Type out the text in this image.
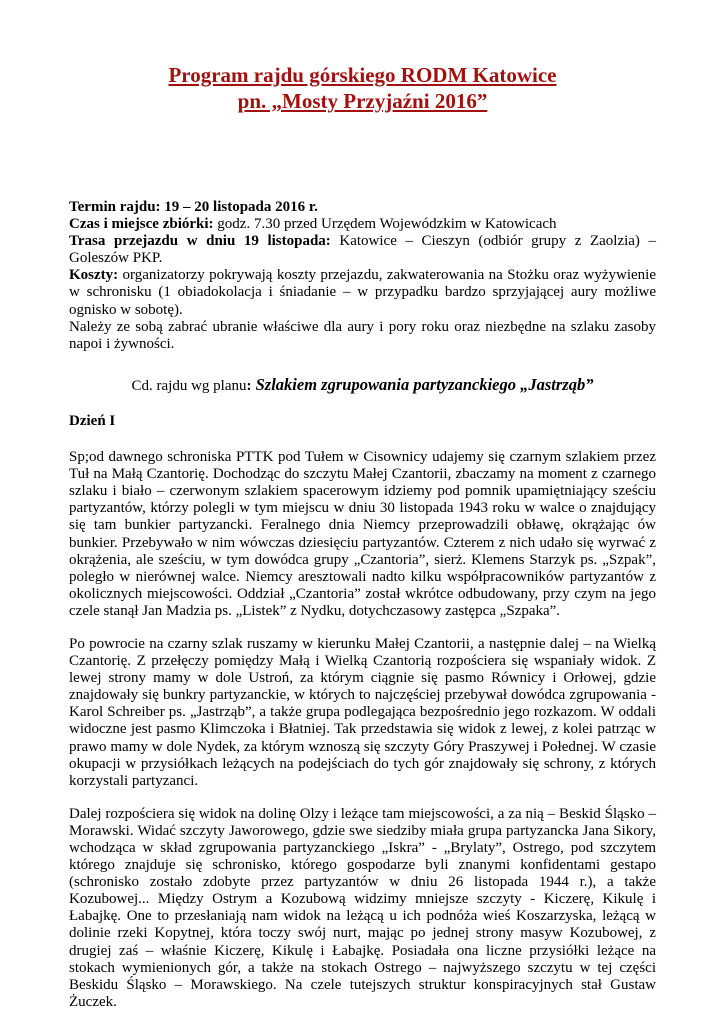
Program rajdu górskiego RODM Katowice
pn. „Mosty Przyjaźni 2016”

Termin rajdu: 19 – 20 listopada 2016 r.

Czas i miejsce zbiórki: godz. 7.30 przed Urzędem Wojewódzkim w Katowicach

Trasa przejazdu w dniu 19 listopada: Katowice – Cieszyn (odbiór grupy z Zaolzia) – Goleszów PKP.

Koszty: organizatorzy pokrywają koszty przejazdu, zakwaterowania na Stożku oraz wyżywienie w schronisku (1 obiadokolacja i śniadanie – w przypadku bardzo sprzyjającej aury możliwe ognisko w sobotę).

Należy ze sobą zabrać ubranie właściwe dla aury i pory roku oraz niezbędne na szlaku zasoby napoi i żywności.

Cd. rajdu wg planu: Szlakiem zgrupowania partyzanckiego „Jastrząb”

Dzień I

Sp;od dawnego schroniska PTTK pod Tułem w Cisownicy udajemy się czarnym szlakiem przez Tuł na Małą Czantorię. Dochodząc do szczytu Małej Czantorii, zbaczamy na moment z czarnego szlaku i biało – czerwonym szlakiem spacerowym idziemy pod pomnik upamiętniający sześciu partyzantów, którzy polegli w tym miejscu w dniu 30 listopada 1943 roku w walce o znajdujący się tam bunkier partyzancki. Feralnego dnia Niemcy przeprowadzili obławę, okrążając ów bunkier. Przebywało w nim wówczas dziesięciu partyzantów. Czterem z nich udało się wyrwać z okrążenia, ale sześciu, w tym dowódca grupy „Czantoria”, sierż. Klemens Starzyk ps. „Szpak”, poległo w nierównej walce. Niemcy aresztowali nadto kilku współpracowników partyzantów z okolicznych miejscowości. Oddział „Czantoria” został wkrótce odbudowany, przy czym na jego czele stanął Jan Madzia ps. „Listek” z Nydku, dotychczasowy zastępca „Szpaka”.

Po powrocie na czarny szlak ruszamy w kierunku Małej Czantorii, a następnie dalej – na Wielką Czantorię. Z przełęczy pomiędzy Małą i Wielką Czantorią rozpościera się wspaniały widok. Z lewej strony mamy w dole Ustroń, za którym ciągnie się pasmo Równicy i Orłowej, gdzie znajdowały się bunkry partyzanckie, w których to najczęściej przebywał dowódca zgrupowania - Karol Schreiber ps. „Jastrząb”, a także grupa podlegająca bezpośrednio jego rozkazom. W oddali widoczne jest pasmo Klimczoka i Błatniej. Tak przedstawia się widok z lewej, z kolei patrząc w prawo mamy w dole Nydek, za którym wznoszą się szczyty Góry Praszywej i Połednej. W czasie okupacji w przysiółkach leżących na podejściach do tych gór znajdowały się schrony, z których korzystali partyzanci.

Dalej rozpościera się widok na dolinę Olzy i leżące tam miejscowości, a za nią – Beskid Śląsko – Morawski. Widać szczyty Jaworowego, gdzie swe siedziby miała grupa partyzancka Jana Sikory, wchodząca w skład zgrupowania partyzanckiego „Iskra” - „Brylaty”, Ostrego, pod szczytem którego znajduje się schronisko, którego gospodarze byli znanymi konfidentami gestapo (schronisko zostało zdobyte przez partyzantów w dniu 26 listopada 1944 r.), a także Kozubowej... Między Ostrym a Kozubową widzimy mniejsze szczyty - Kiczerę, Kikulę i Łabajkę. One to przesłaniają nam widok na leżącą u ich podnóża wieś Koszarzyska, leżącą w dolinie rzeki Kopytnej, która toczy swój nurt, mając po jednej strony masyw Kozubowej, z drugiej zaś – właśnie Kiczerę, Kikulę i Łabajkę. Posiadała ona liczne przysiółki leżące na stokach wymienionych gór, a także na stokach Ostrego – najwyższego szczytu w tej części Beskidu Śląsko – Morawskiego. Na czele tutejszych struktur konspiracyjnych stał Gustaw Żuczek.
